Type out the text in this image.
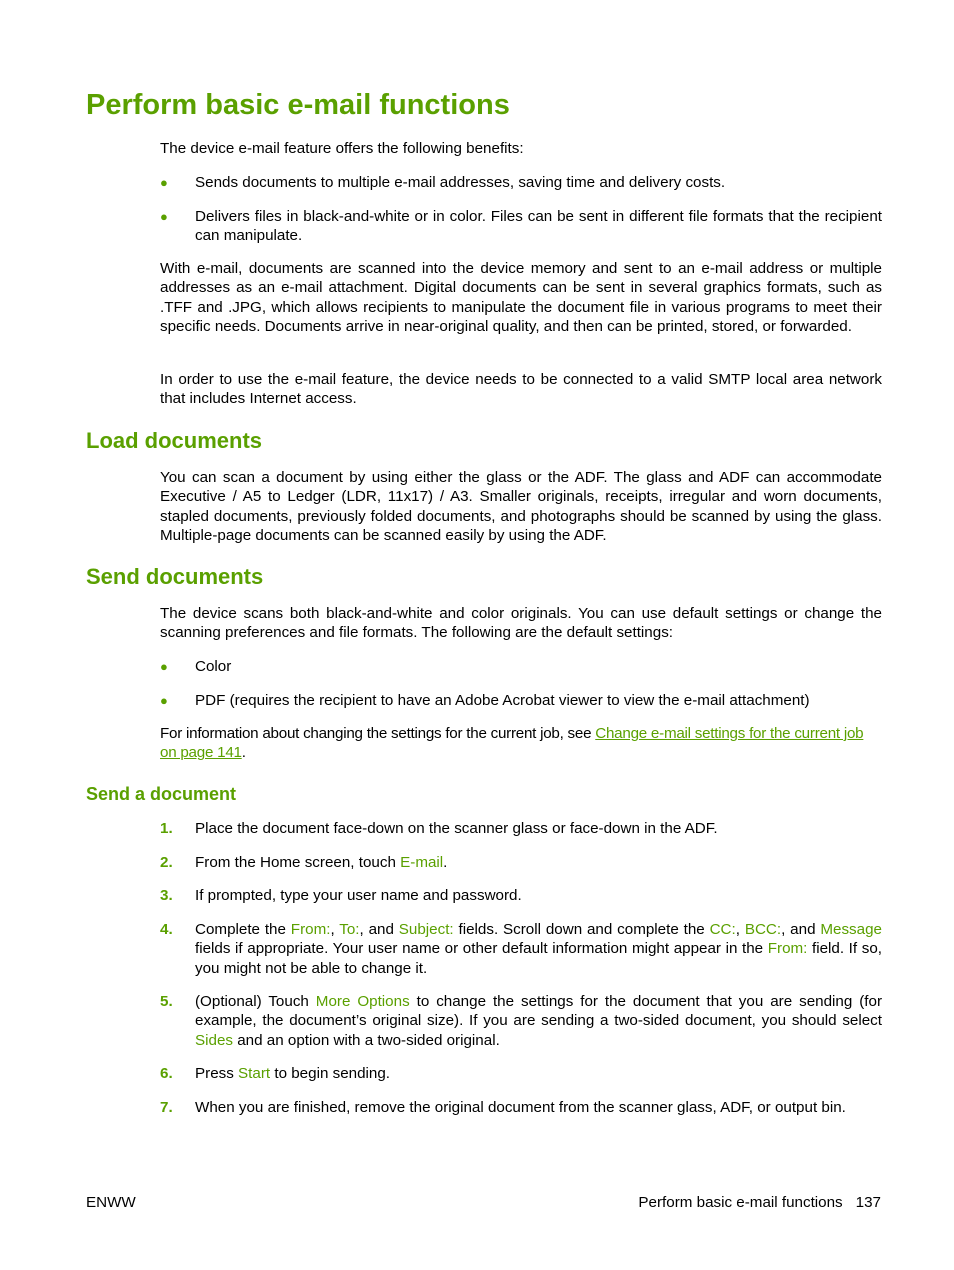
Perform basic e-mail functions

The device e-mail feature offers the following benefits:

●	Sends documents to multiple e-mail addresses, saving time and delivery costs.
●	Delivers files in black-and-white or in color. Files can be sent in different file formats that the recipient can manipulate.

With e-mail, documents are scanned into the device memory and sent to an e-mail address or multiple addresses as an e-mail attachment. Digital documents can be sent in several graphics formats, such as .TFF and .JPG, which allows recipients to manipulate the document file in various programs to meet their specific needs. Documents arrive in near-original quality, and then can be printed, stored, or forwarded.

In order to use the e-mail feature, the device needs to be connected to a valid SMTP local area network that includes Internet access.

Load documents

You can scan a document by using either the glass or the ADF. The glass and ADF can accommodate Executive / A5 to Ledger (LDR, 11x17) / A3. Smaller originals, receipts, irregular and worn documents, stapled documents, previously folded documents, and photographs should be scanned by using the glass. Multiple-page documents can be scanned easily by using the ADF.

Send documents

The device scans both black-and-white and color originals. You can use default settings or change the scanning preferences and file formats. The following are the default settings:

●	Color
●	PDF (requires the recipient to have an Adobe Acrobat viewer to view the e-mail attachment)

For information about changing the settings for the current job, see Change e-mail settings for the current job on page 141.

Send a document
1.	Place the document face-down on the scanner glass or face-down in the ADF.
2.	From the Home screen, touch E-mail.
3.	If prompted, type your user name and password.
4.	Complete the From:, To:, and Subject: fields. Scroll down and complete the CC:, BCC:, and Message fields if appropriate. Your user name or other default information might appear in the From: field. If so, you might not be able to change it.
5.	(Optional) Touch More Options to change the settings for the document that you are sending (for example, the document’s original size). If you are sending a two-sided document, you should select Sides and an option with a two-sided original.
6.	Press Start to begin sending.
7.	When you are finished, remove the original document from the scanner glass, ADF, or output bin.
ENWW	Perform basic e-mail functions 137
